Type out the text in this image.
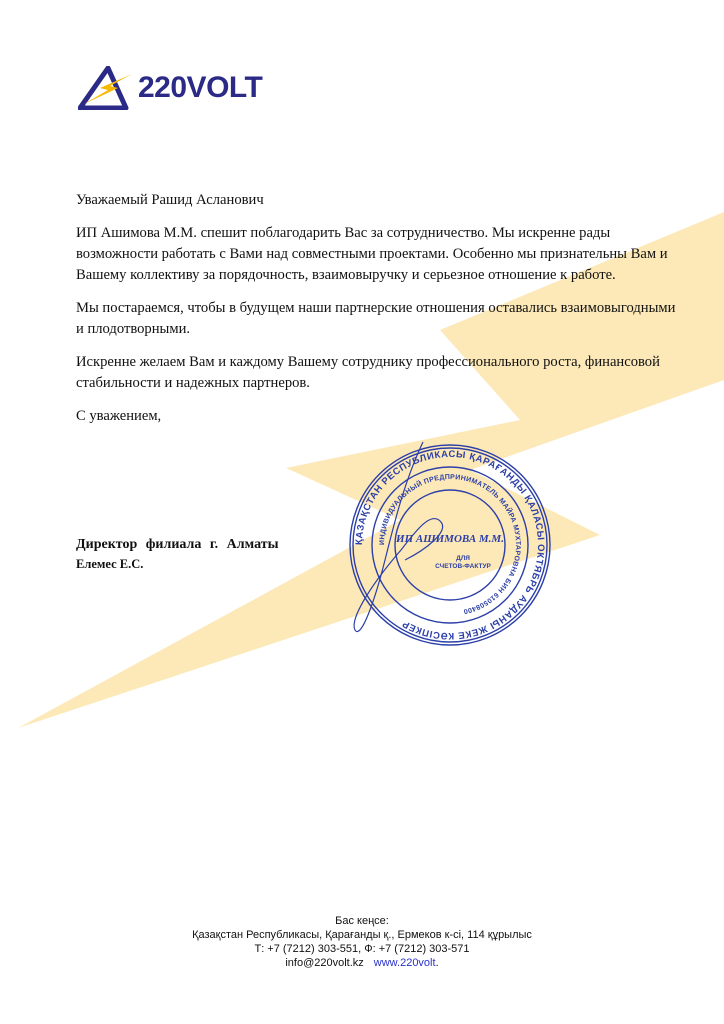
220VOLT

Уважаемый Рашид Асланович

ИП Ашимова М.М. спешит поблагодарить Вас за сотрудничество. Мы искренне рады возможности работать с Вами над совместными проектами. Особенно мы признательны Вам и Вашему коллективу за порядочность, взаимовыручку и серьезное отношение к работе.

Мы постараемся, чтобы в будущем наши партнерские отношения оставались взаимовыгодными и плодотворными.

Искренне желаем Вам и каждому Вашему сотруднику профессионального роста, финансовой стабильности и надежных партнеров.

С уважением,

Директор филиала г. Алматы

Елемес Е.С.

ҚАЗАҚСТАН РЕСПУБЛИКАСЫ ҚАРАҒАНДЫ ҚАЛАСЫ ОКТЯБРЬ АУДАНЫ ЖЕКЕ КӘСІПКЕР
ИНДИВИДУАЛЬНЫЙ ПРЕДПРИНИМАТЕЛЬ МАЙРА МУХТАРОВНА БИН 610508400
ИП АШИМОВА М.М.
ДЛЯ
СЧЕТОВ-ФАКТУР
Бас кеңсе:
Қазақстан Республикасы, Қарағанды қ., Ермеков к-сі, 114 құрылыс
Т: +7 (7212) 303-551, Ф: +7 (7212) 303-571
info@220volt.kz www.220volt.
